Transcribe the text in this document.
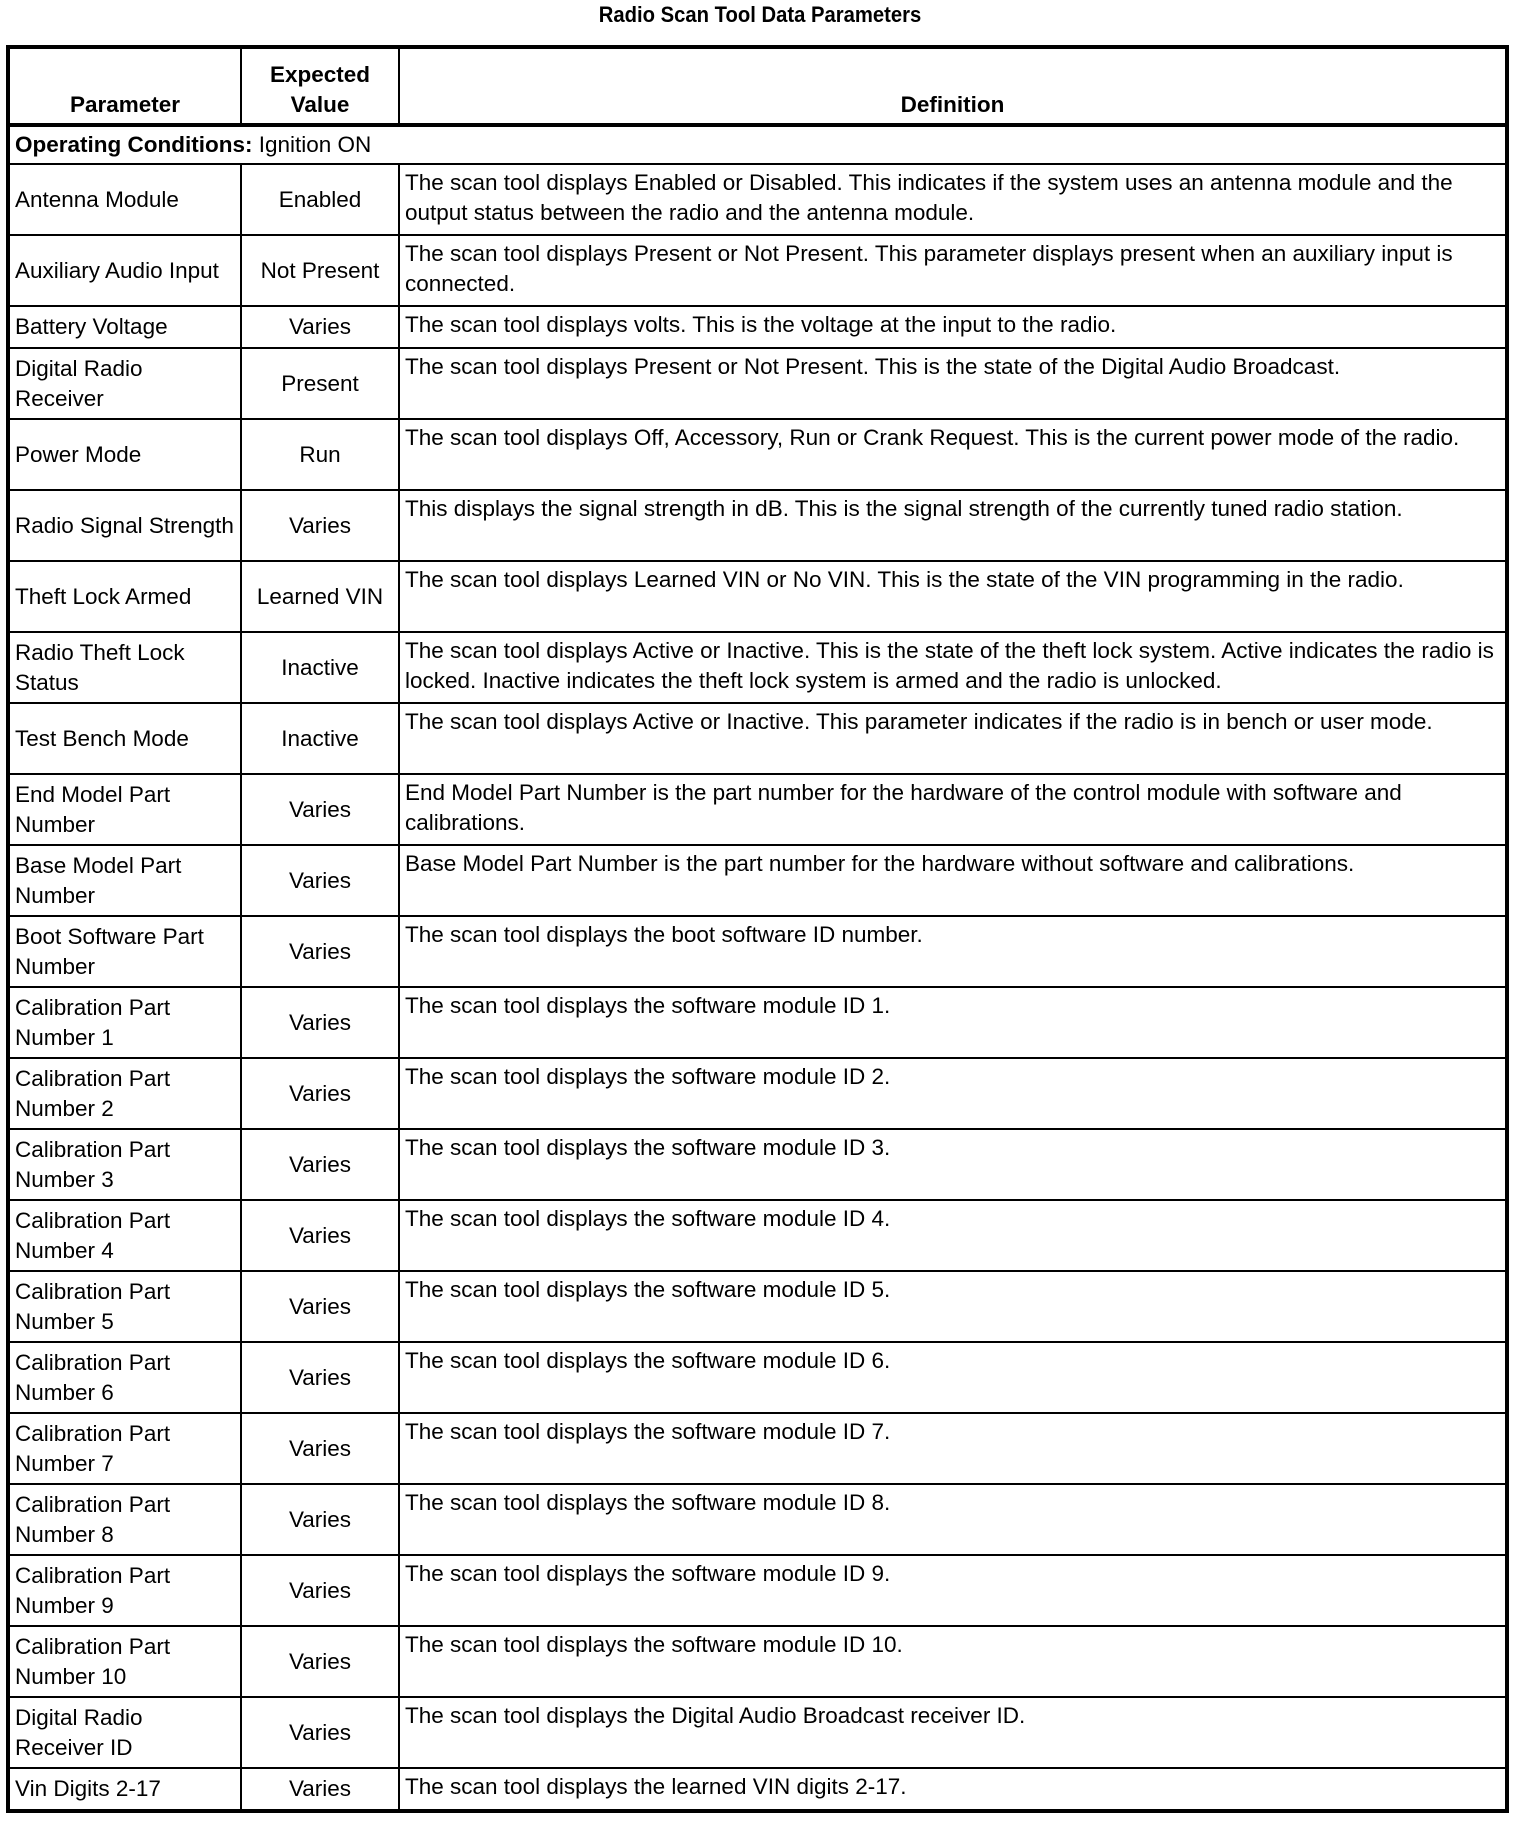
Radio Scan Tool Data Parameters
Parameter	Expected Value	Definition
Operating Conditions: Ignition ON		
Antenna Module	Enabled	The scan tool displays Enabled or Disabled. This indicates if the system uses an antenna module and the output status between the radio and the antenna module.
Auxiliary Audio Input	Not Present	The scan tool displays Present or Not Present. This parameter displays present when an auxiliary input is connected.
Battery Voltage	Varies	The scan tool displays volts. This is the voltage at the input to the radio.
Digital Radio Receiver	Present	The scan tool displays Present or Not Present. This is the state of the Digital Audio Broadcast.
Power Mode	Run	The scan tool displays Off, Accessory, Run or Crank Request. This is the current power mode of the radio.
Radio Signal Strength	Varies	This displays the signal strength in dB. This is the signal strength of the currently tuned radio station.
Theft Lock Armed	Learned VIN	The scan tool displays Learned VIN or No VIN. This is the state of the VIN programming in the radio.
Radio Theft Lock Status	Inactive	The scan tool displays Active or Inactive. This is the state of the theft lock system. Active indicates the radio is locked. Inactive indicates the theft lock system is armed and the radio is unlocked.
Test Bench Mode	Inactive	The scan tool displays Active or Inactive. This parameter indicates if the radio is in bench or user mode.
End Model Part Number	Varies	End Model Part Number is the part number for the hardware of the control module with software and calibrations.
Base Model Part Number	Varies	Base Model Part Number is the part number for the hardware without software and calibrations.
Boot Software Part Number	Varies	The scan tool displays the boot software ID number.
Calibration Part Number 1	Varies	The scan tool displays the software module ID 1.
Calibration Part Number 2	Varies	The scan tool displays the software module ID 2.
Calibration Part Number 3	Varies	The scan tool displays the software module ID 3.
Calibration Part Number 4	Varies	The scan tool displays the software module ID 4.
Calibration Part Number 5	Varies	The scan tool displays the software module ID 5.
Calibration Part Number 6	Varies	The scan tool displays the software module ID 6.
Calibration Part Number 7	Varies	The scan tool displays the software module ID 7.
Calibration Part Number 8	Varies	The scan tool displays the software module ID 8.
Calibration Part Number 9	Varies	The scan tool displays the software module ID 9.
Calibration Part Number 10	Varies	The scan tool displays the software module ID 10.
Digital Radio Receiver ID	Varies	The scan tool displays the Digital Audio Broadcast receiver ID.
Vin Digits 2-17	Varies	The scan tool displays the learned VIN digits 2-17.
